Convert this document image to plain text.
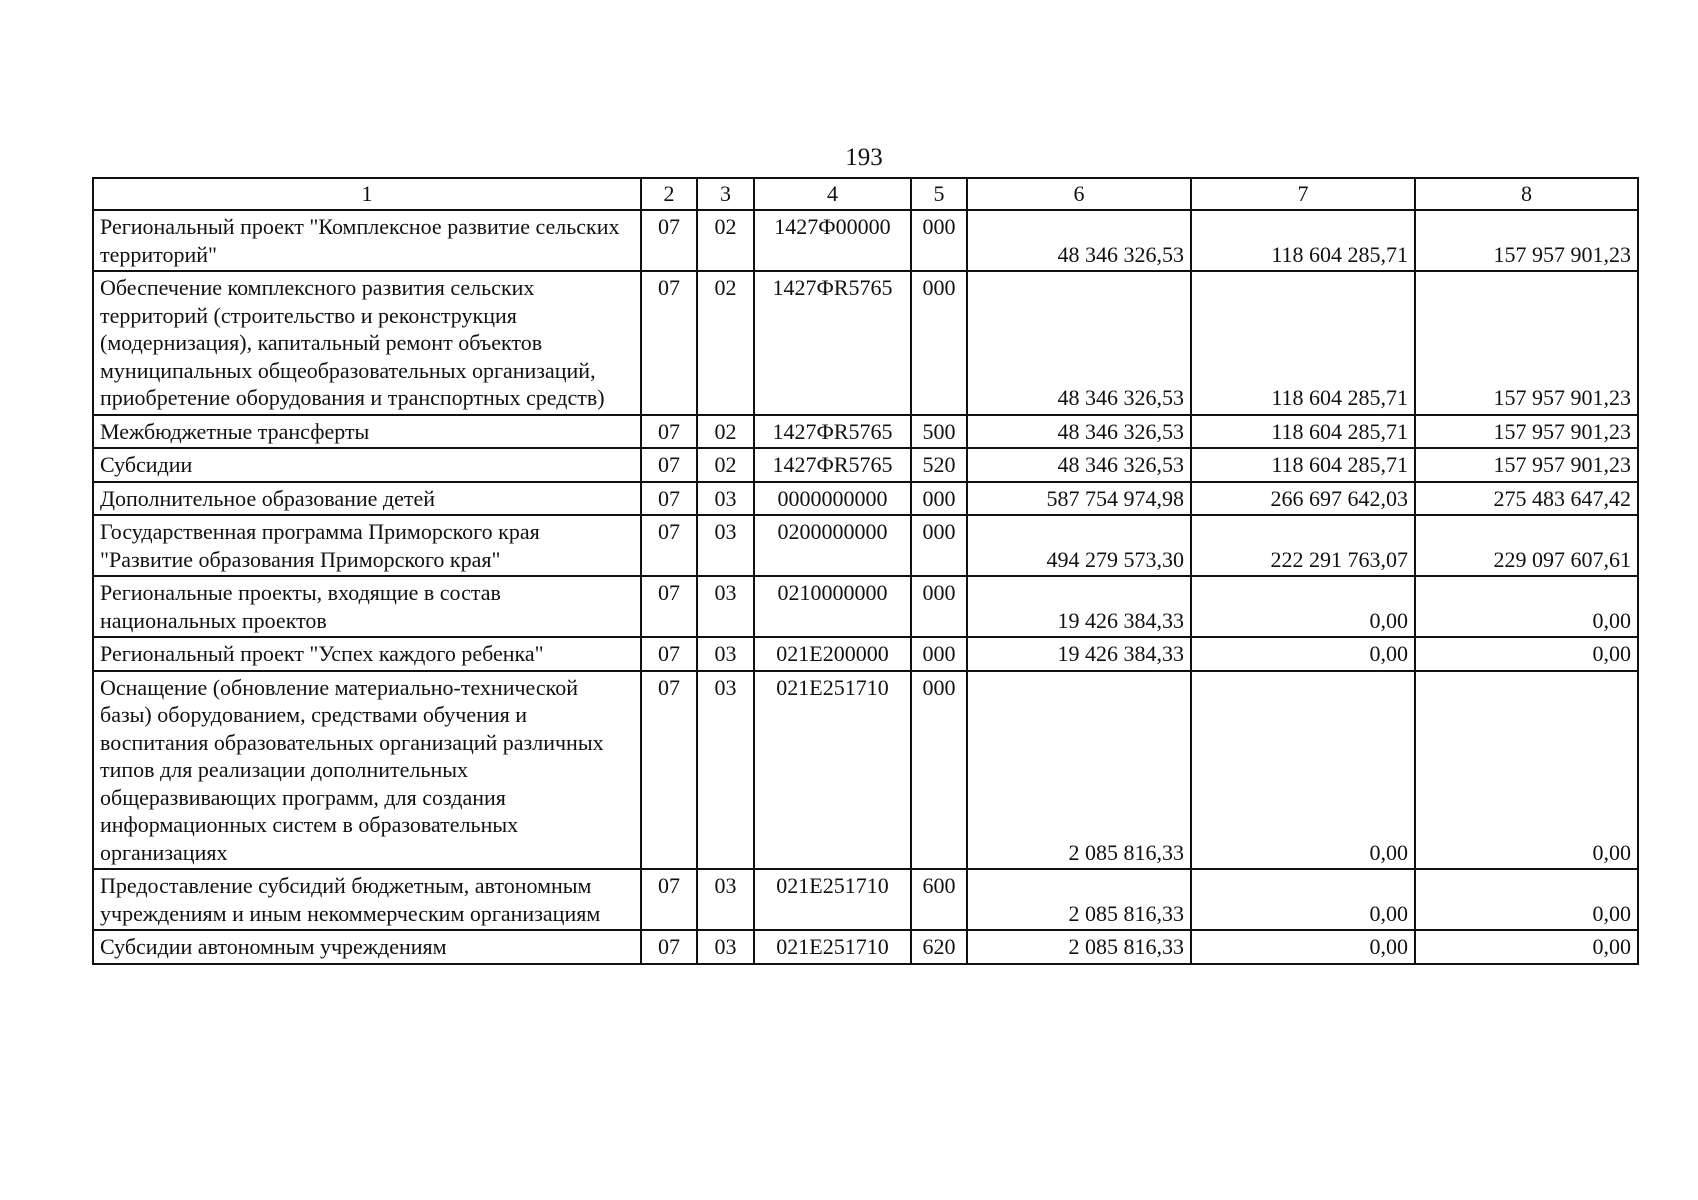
193
1	2	3	4	5	6	7	8
Региональный проект "Комплексное развитие сельских территорий"	07	02	1427Ф00000	000	48 346 326,53	118 604 285,71	157 957 901,23
Обеспечение комплексного развития сельских территорий (строительство и реконструкция (модернизация), капитальный ремонт объектов муниципальных общеобразовательных организаций, приобретение оборудования и транспортных средств)	07	02	1427ФR5765	000	48 346 326,53	118 604 285,71	157 957 901,23
Межбюджетные трансферты	07	02	1427ФR5765	500	48 346 326,53	118 604 285,71	157 957 901,23
Субсидии	07	02	1427ФR5765	520	48 346 326,53	118 604 285,71	157 957 901,23
Дополнительное образование детей	07	03	0000000000	000	587 754 974,98	266 697 642,03	275 483 647,42
Государственная программа Приморского края "Развитие образования Приморского края"	07	03	0200000000	000	494 279 573,30	222 291 763,07	229 097 607,61
Региональные проекты, входящие в состав национальных проектов	07	03	0210000000	000	19 426 384,33	0,00	0,00
Региональный проект "Успех каждого ребенка"	07	03	021E200000	000	19 426 384,33	0,00	0,00
Оснащение (обновление материально-технической базы) оборудованием, средствами обучения и воспитания образовательных организаций различных типов для реализации дополнительных общеразвивающих программ, для создания информационных систем в образовательных организациях	07	03	021E251710	000	2 085 816,33	0,00	0,00
Предоставление субсидий бюджетным, автономным учреждениям и иным некоммерческим организациям	07	03	021E251710	600	2 085 816,33	0,00	0,00
Субсидии автономным учреждениям	07	03	021E251710	620	2 085 816,33	0,00	0,00
